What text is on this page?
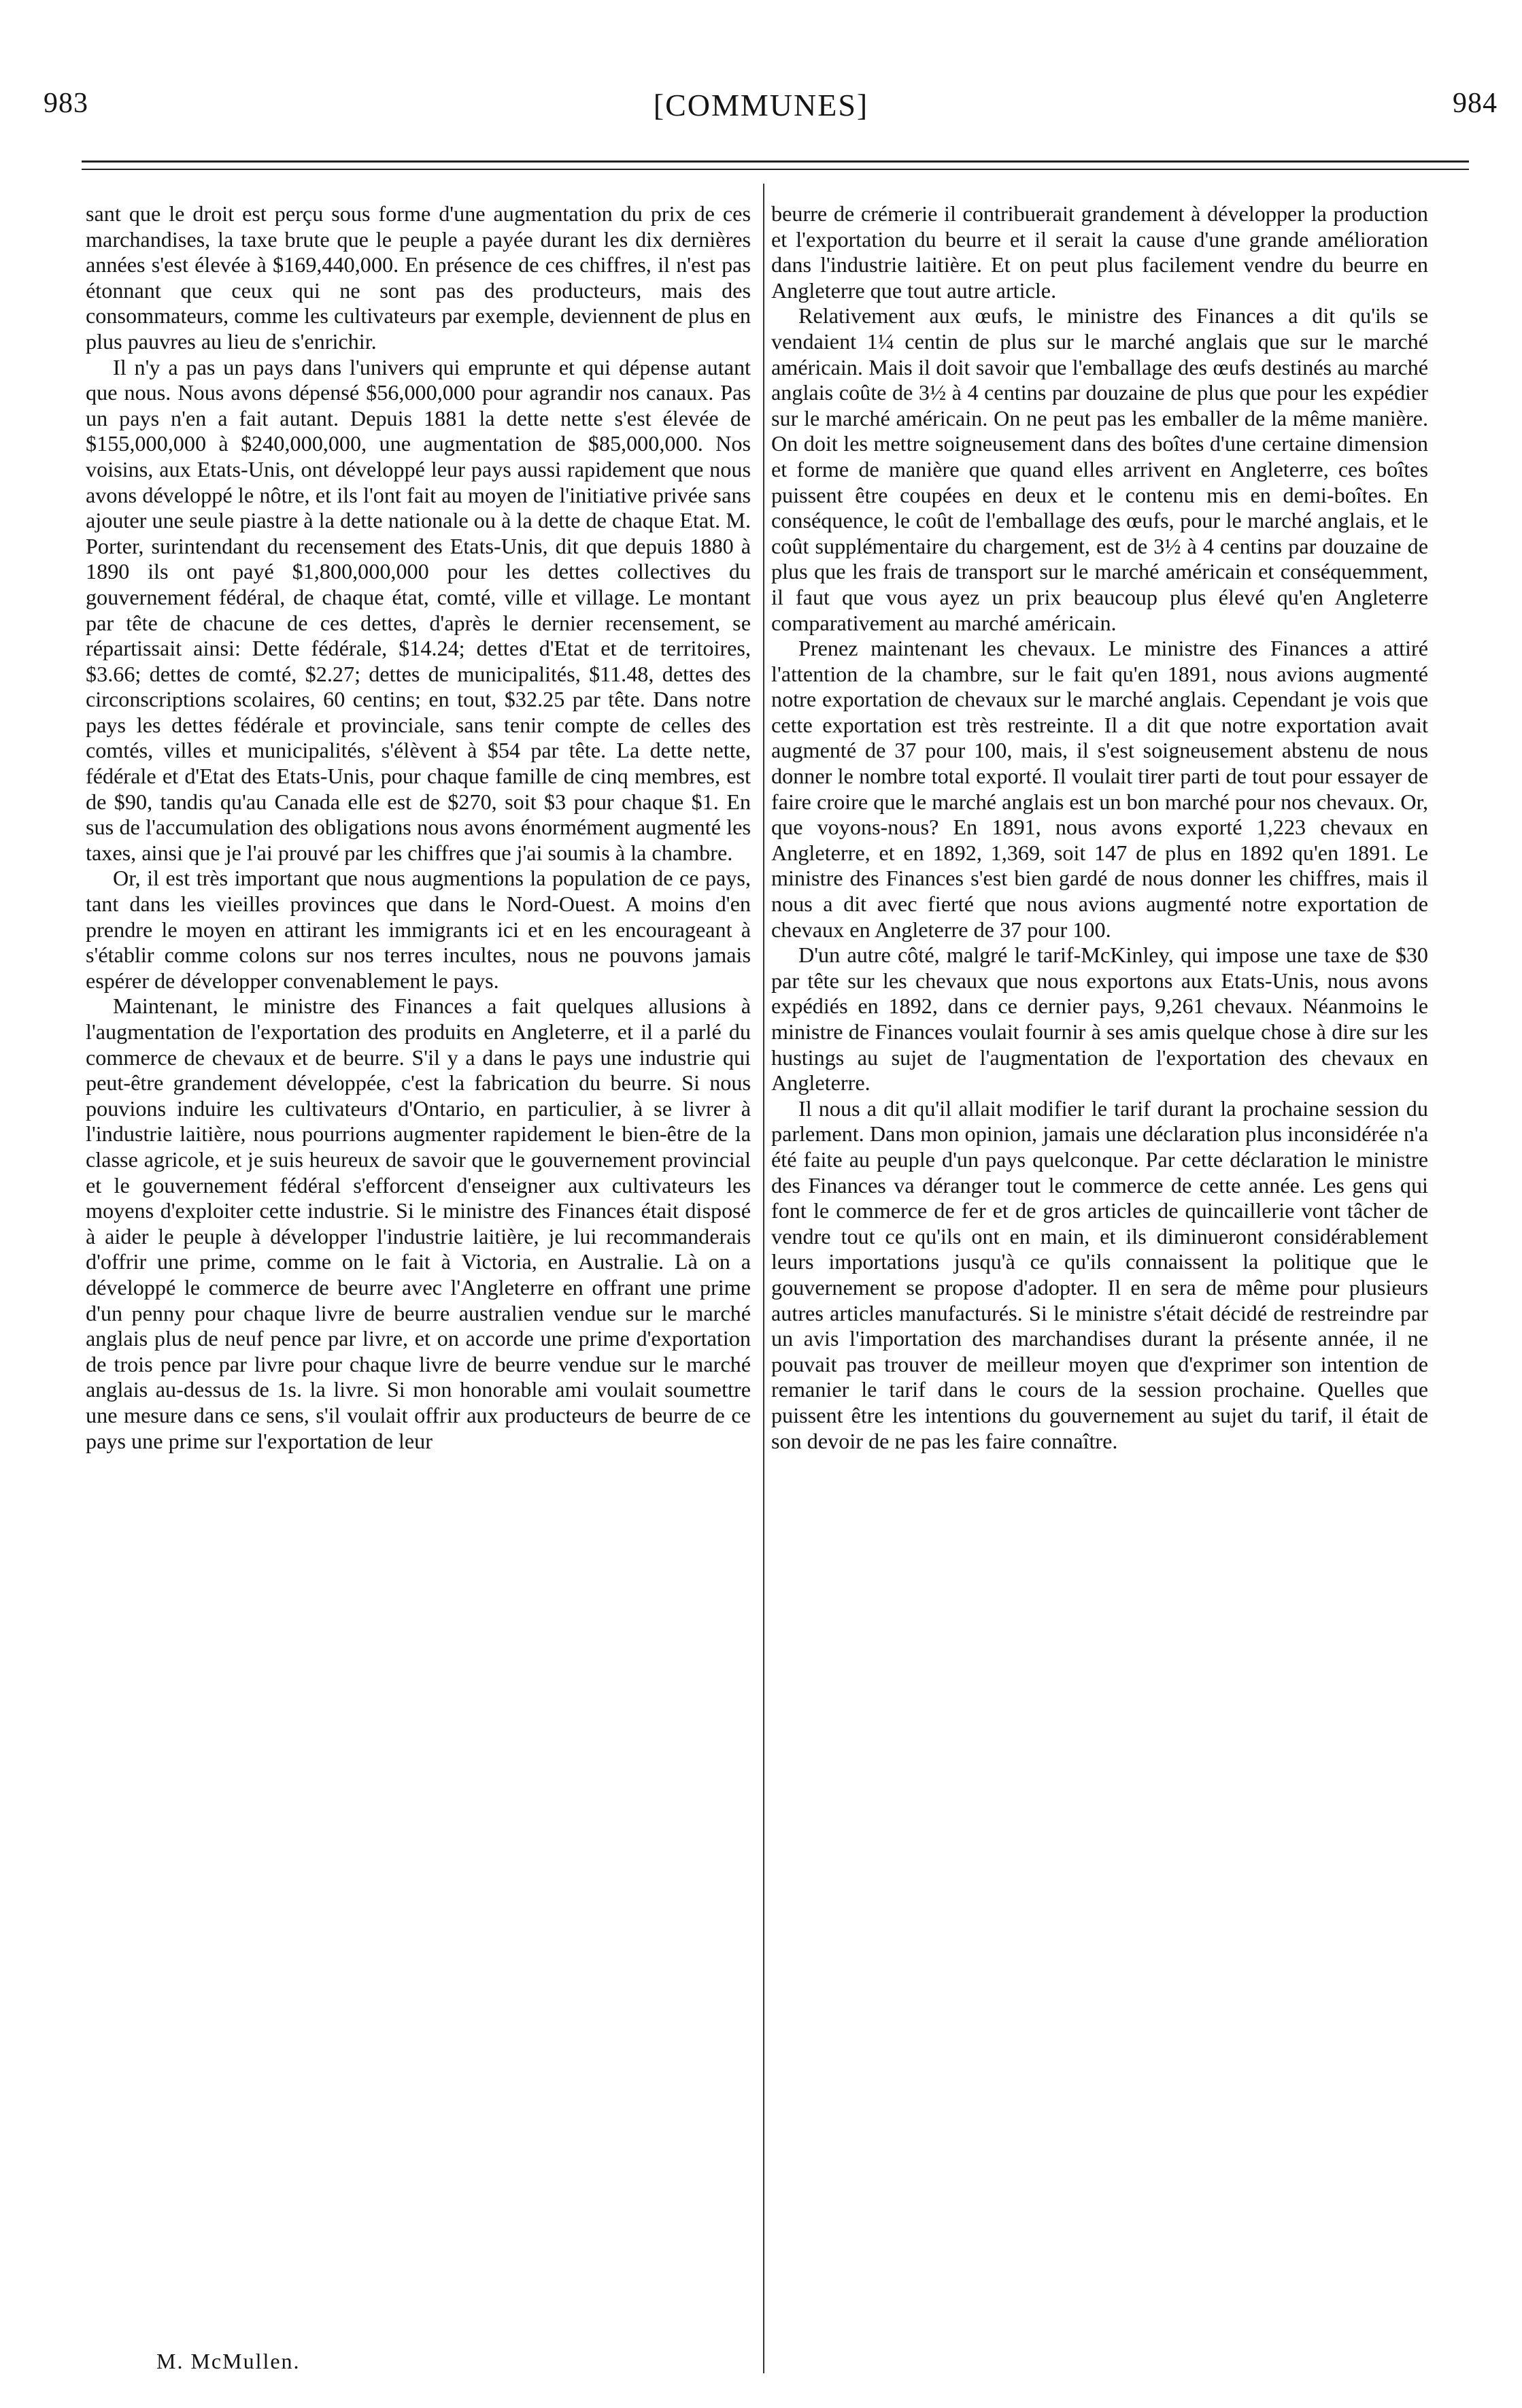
983	[COMMUNES]	984

sant que le droit est perçu sous forme d'une augmentation du prix de ces marchandises, la taxe brute que le peuple a payée durant les dix dernières années s'est élevée à $169,440,000. En présence de ces chiffres, il n'est pas étonnant que ceux qui ne sont pas des producteurs, mais des consommateurs, comme les cultivateurs par exemple, deviennent de plus en plus pauvres au lieu de s'enrichir.

Il n'y a pas un pays dans l'univers qui emprunte et qui dépense autant que nous. Nous avons dépensé $56,000,000 pour agrandir nos canaux. Pas un pays n'en a fait autant. Depuis 1881 la dette nette s'est élevée de $155,000,000 à $240,000,000, une augmentation de $85,000,000. Nos voisins, aux Etats-Unis, ont développé leur pays aussi rapidement que nous avons développé le nôtre, et ils l'ont fait au moyen de l'initiative privée sans ajouter une seule piastre à la dette nationale ou à la dette de chaque Etat. M. Porter, surintendant du recensement des Etats-Unis, dit que depuis 1880 à 1890 ils ont payé $1,800,000,000 pour les dettes collectives du gouvernement fédéral, de chaque état, comté, ville et village. Le montant par tête de chacune de ces dettes, d'après le dernier recensement, se répartissait ainsi: Dette fédérale, $14.24; dettes d'Etat et de territoires, $3.66; dettes de comté, $2.27; dettes de municipalités, $11.48, dettes des circonscriptions scolaires, 60 centins; en tout, $32.25 par tête. Dans notre pays les dettes fédérale et provinciale, sans tenir compte de celles des comtés, villes et municipalités, s'élèvent à $54 par tête. La dette nette, fédérale et d'Etat des Etats-Unis, pour chaque famille de cinq membres, est de $90, tandis qu'au Canada elle est de $270, soit $3 pour chaque $1. En sus de l'accumulation des obligations nous avons énormément augmenté les taxes, ainsi que je l'ai prouvé par les chiffres que j'ai soumis à la chambre.

Or, il est très important que nous augmentions la population de ce pays, tant dans les vieilles provinces que dans le Nord-Ouest. A moins d'en prendre le moyen en attirant les immigrants ici et en les encourageant à s'établir comme colons sur nos terres incultes, nous ne pouvons jamais espérer de développer convenablement le pays.

Maintenant, le ministre des Finances a fait quelques allusions à l'augmentation de l'exportation des produits en Angleterre, et il a parlé du commerce de chevaux et de beurre. S'il y a dans le pays une industrie qui peut-être grandement développée, c'est la fabrication du beurre. Si nous pouvions induire les cultivateurs d'Ontario, en particulier, à se livrer à l'industrie laitière, nous pourrions augmenter rapidement le bien-être de la classe agricole, et je suis heureux de savoir que le gouvernement provincial et le gouvernement fédéral s'efforcent d'enseigner aux cultivateurs les moyens d'exploiter cette industrie. Si le ministre des Finances était disposé à aider le peuple à développer l'industrie laitière, je lui recommanderais d'offrir une prime, comme on le fait à Victoria, en Australie. Là on a développé le commerce de beurre avec l'Angleterre en offrant une prime d'un penny pour chaque livre de beurre australien vendue sur le marché anglais plus de neuf pence par livre, et on accorde une prime d'exportation de trois pence par livre pour chaque livre de beurre vendue sur le marché anglais au-dessus de 1s. la livre. Si mon honorable ami voulait soumettre une mesure dans ce sens, s'il voulait offrir aux producteurs de beurre de ce pays une prime sur l'exportation de leur

beurre de crémerie il contribuerait grandement à développer la production et l'exportation du beurre et il serait la cause d'une grande amélioration dans l'industrie laitière. Et on peut plus facilement vendre du beurre en Angleterre que tout autre article.

Relativement aux œufs, le ministre des Finances a dit qu'ils se vendaient 1¼ centin de plus sur le marché anglais que sur le marché américain. Mais il doit savoir que l'emballage des œufs destinés au marché anglais coûte de 3½ à 4 centins par douzaine de plus que pour les expédier sur le marché américain. On ne peut pas les emballer de la même manière. On doit les mettre soigneusement dans des boîtes d'une certaine dimension et forme de manière que quand elles arrivent en Angleterre, ces boîtes puissent être coupées en deux et le contenu mis en demi-boîtes. En conséquence, le coût de l'emballage des œufs, pour le marché anglais, et le coût supplémentaire du chargement, est de 3½ à 4 centins par douzaine de plus que les frais de transport sur le marché américain et conséquemment, il faut que vous ayez un prix beaucoup plus élevé qu'en Angleterre comparativement au marché américain.

Prenez maintenant les chevaux. Le ministre des Finances a attiré l'attention de la chambre, sur le fait qu'en 1891, nous avions augmenté notre exportation de chevaux sur le marché anglais. Cependant je vois que cette exportation est très restreinte. Il a dit que notre exportation avait augmenté de 37 pour 100, mais, il s'est soigneusement abstenu de nous donner le nombre total exporté. Il voulait tirer parti de tout pour essayer de faire croire que le marché anglais est un bon marché pour nos chevaux. Or, que voyons-nous? En 1891, nous avons exporté 1,223 chevaux en Angleterre, et en 1892, 1,369, soit 147 de plus en 1892 qu'en 1891. Le ministre des Finances s'est bien gardé de nous donner les chiffres, mais il nous a dit avec fierté que nous avions augmenté notre exportation de chevaux en Angleterre de 37 pour 100.

D'un autre côté, malgré le tarif-McKinley, qui impose une taxe de $30 par tête sur les chevaux que nous exportons aux Etats-Unis, nous avons expédiés en 1892, dans ce dernier pays, 9,261 chevaux. Néanmoins le ministre de Finances voulait fournir à ses amis quelque chose à dire sur les hustings au sujet de l'augmentation de l'exportation des chevaux en Angleterre.

Il nous a dit qu'il allait modifier le tarif durant la prochaine session du parlement. Dans mon opinion, jamais une déclaration plus inconsidérée n'a été faite au peuple d'un pays quelconque. Par cette déclaration le ministre des Finances va déranger tout le commerce de cette année. Les gens qui font le commerce de fer et de gros articles de quincaillerie vont tâcher de vendre tout ce qu'ils ont en main, et ils diminueront considérablement leurs importations jusqu'à ce qu'ils connaissent la politique que le gouvernement se propose d'adopter. Il en sera de même pour plusieurs autres articles manufacturés. Si le ministre s'était décidé de restreindre par un avis l'importation des marchandises durant la présente année, il ne pouvait pas trouver de meilleur moyen que d'exprimer son intention de remanier le tarif dans le cours de la session prochaine. Quelles que puissent être les intentions du gouvernement au sujet du tarif, il était de son devoir de ne pas les faire connaître.

M. McMullen.
